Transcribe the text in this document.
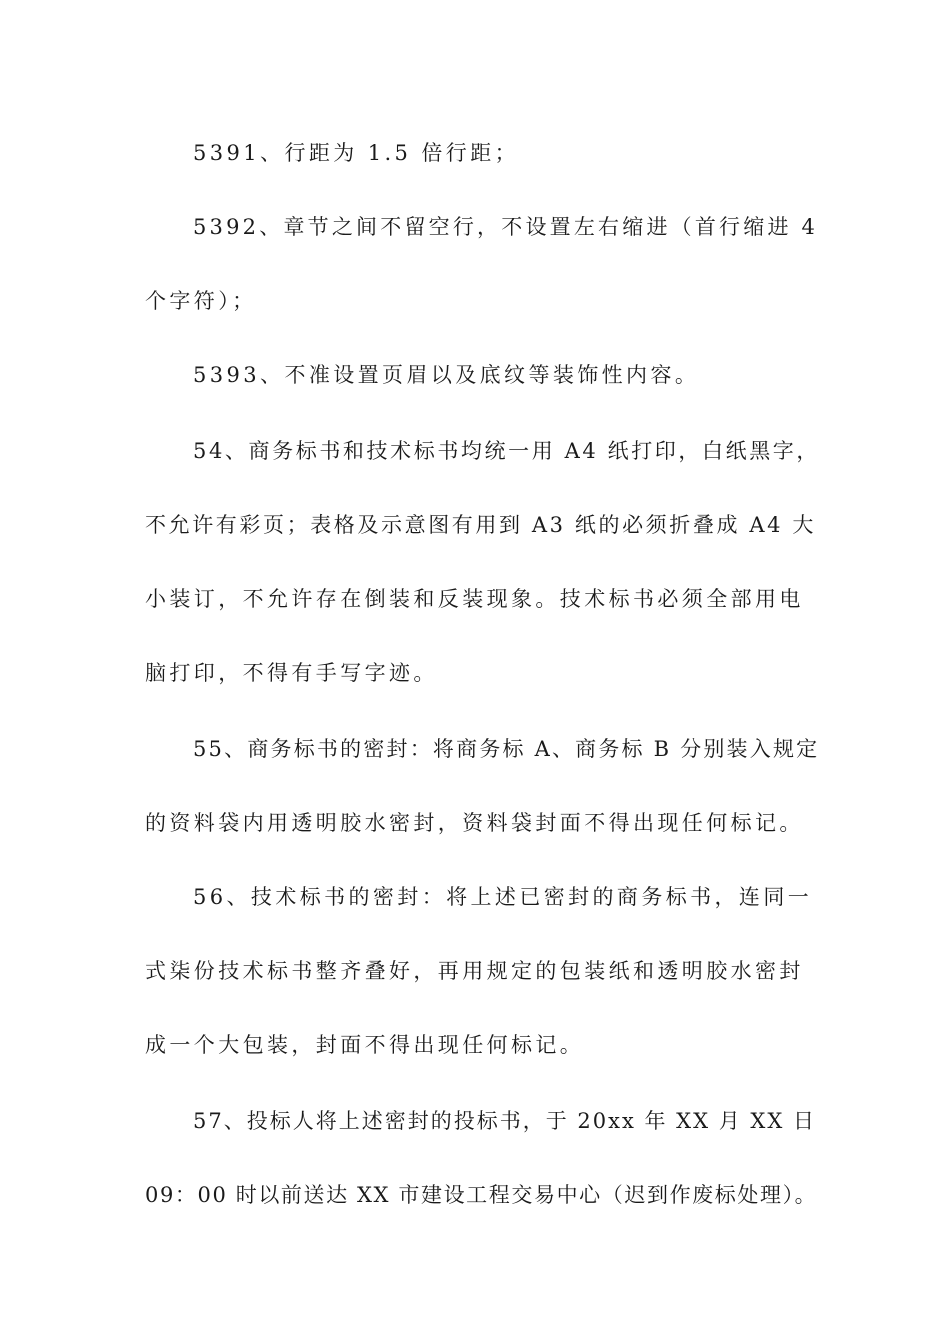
5391、行距为 1.5 倍行距；
5392、章节之间不留空行，不设置左右缩进（首行缩进 4
个字符）；
5393、不准设置页眉以及底纹等装饰性内容。
54、商务标书和技术标书均统一用 A4 纸打印，白纸黑字，
不允许有彩页；表格及示意图有用到 A3 纸的必须折叠成 A4 大
小装订，不允许存在倒装和反装现象。技术标书必须全部用电
脑打印，不得有手写字迹。
55、商务标书的密封：将商务标 A、商务标 B 分别装入规定
的资料袋内用透明胶水密封，资料袋封面不得出现任何标记。
56、技术标书的密封：将上述已密封的商务标书，连同一
式柒份技术标书整齐叠好，再用规定的包装纸和透明胶水密封
成一个大包装，封面不得出现任何标记。
57、投标人将上述密封的投标书，于 20xx 年 XX 月 XX 日
09：00 时以前送达 XX 市建设工程交易中心（迟到作废标处理）。
